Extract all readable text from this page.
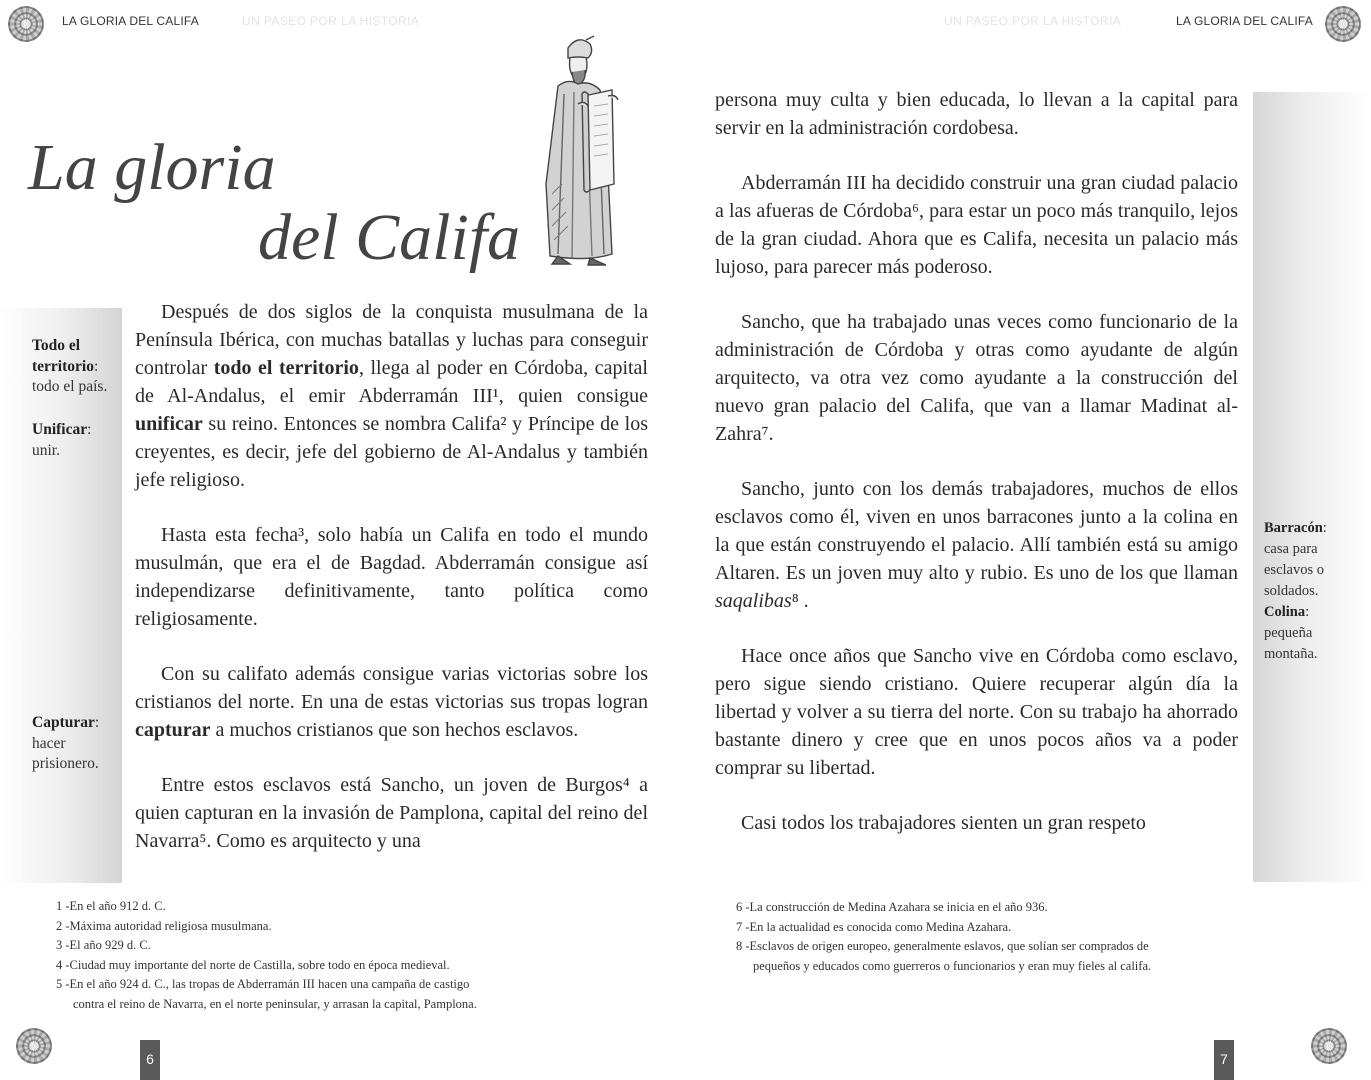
LA GLORIA DEL CALIFA	UN PASEO POR LA HISTORIA
La gloria
del Califa
Todo el territorio:
todo el país.
Unificar:
unir.
Capturar:
hacer prisionero.

Después de dos siglos de la conquista musulmana de la Península Ibérica, con muchas batallas y luchas para conseguir controlar todo el territorio, llega al poder en Córdoba, capital de Al-Andalus, el emir Abderramán III¹, quien consigue unificar su reino. Entonces se nombra Califa² y Príncipe de los creyentes, es decir, jefe del gobierno de Al-Andalus y también jefe religioso.

Hasta esta fecha³, solo había un Califa en todo el mundo musulmán, que era el de Bagdad. Abderramán consigue así independizarse definitivamente, tanto política como religiosamente.

Con su califato además consigue varias victorias sobre los cristianos del norte. En una de estas victorias sus tropas logran capturar a muchos cristianos que son hechos esclavos.

Entre estos esclavos está Sancho, un joven de Burgos⁴ a quien capturan en la invasión de Pamplona, capital del reino del Navarra⁵. Como es arquitecto y una

1 -En el año 912 d. C.
2 -Máxima autoridad religiosa musulmana.
3 -El año 929 d. C.
4 -Ciudad muy importante del norte de Castilla, sobre todo en época medieval.
5 -En el año 924 d. C., las tropas de Abderramán III hacen una campaña de castigo
contra el reino de Navarra, en el norte peninsular, y arrasan la capital, Pamplona.
6
UN PASEO POR LA HISTORIA	LA GLORIA DEL CALIFA

persona muy culta y bien educada, lo llevan a la capital para servir en la administración cordobesa.

Abderramán III ha decidido construir una gran ciudad palacio a las afueras de Córdoba⁶, para estar un poco más tranquilo, lejos de la gran ciudad. Ahora que es Califa, necesita un palacio más lujoso, para parecer más poderoso.

Sancho, que ha trabajado unas veces como funcionario de la administración de Córdoba y otras como ayudante de algún arquitecto, va otra vez como ayudante a la construcción del nuevo gran palacio del Califa, que van a llamar Madinat al-Zahra⁷.

Sancho, junto con los demás trabajadores, muchos de ellos esclavos como él, viven en unos barracones junto a la colina en la que están construyendo el palacio. Allí también está su amigo Altaren. Es un joven muy alto y rubio. Es uno de los que llaman saqalibas⁸ .

Hace once años que Sancho vive en Córdoba como esclavo, pero sigue siendo cristiano. Quiere recuperar algún día la libertad y volver a su tierra del norte. Con su trabajo ha ahorrado bastante dinero y cree que en unos pocos años va a poder comprar su libertad.

Casi todos los trabajadores sienten un gran respeto

Barracón:
casa para esclavos o soldados.
Colina:
pequeña montaña.
6 -La construcción de Medina Azahara se inicia en el año 936.
7 -En la actualidad es conocida como Medina Azahara.
8 -Esclavos de origen europeo, generalmente eslavos, que solían ser comprados de
pequeños y educados como guerreros o funcionarios y eran muy fieles al califa.
7
